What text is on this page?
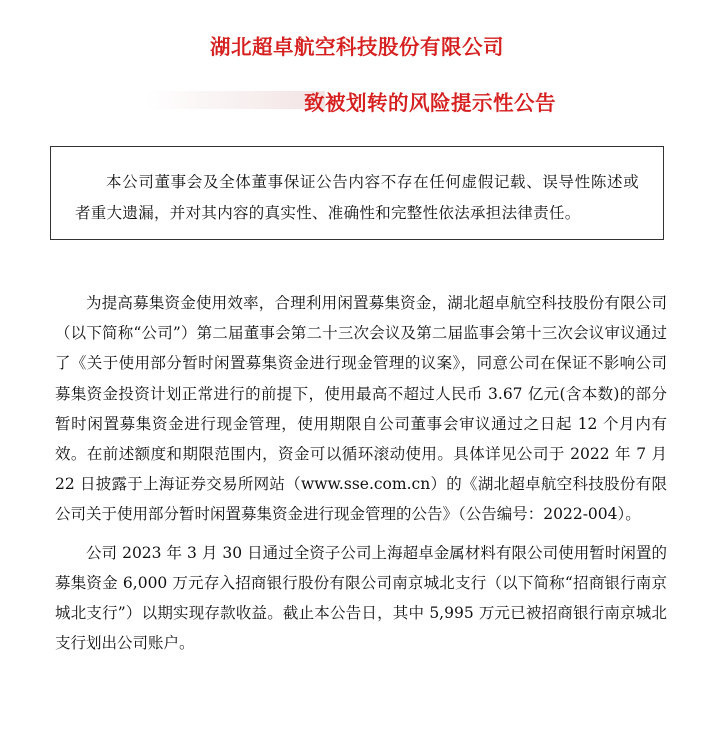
湖北超卓航空科技股份有限公司
致被划转的风险提示性公告
本公司董事会及全体董事保证公告内容不存在任何虚假记载、误导性陈述或者重大遗漏，并对其内容的真实性、准确性和完整性依法承担法律责任。

为提高募集资金使用效率，合理利用闲置募集资金，湖北超卓航空科技股份有限公司（以下简称“公司”）第二届董事会第二十三次会议及第二届监事会第十三次会议审议通过了《关于使用部分暂时闲置募集资金进行现金管理的议案》，同意公司在保证不影响公司募集资金投资计划正常进行的前提下，使用最高不超过人民币 3.67 亿元(含本数)的部分暂时闲置募集资金进行现金管理，使用期限自公司董事会审议通过之日起 12 个月内有效。在前述额度和期限范围内，资金可以循环滚动使用。具体详见公司于 2022 年 7 月 22 日披露于上海证券交易所网站（www.sse.com.cn）的《湖北超卓航空科技股份有限公司关于使用部分暂时闲置募集资金进行现金管理的公告》（公告编号：2022-004）。

公司 2023 年 3 月 30 日通过全资子公司上海超卓金属材料有限公司使用暂时闲置的募集资金 6,000 万元存入招商银行股份有限公司南京城北支行（以下简称“招商银行南京城北支行”）以期实现存款收益。截止本公告日，其中 5,995 万元已被招商银行南京城北支行划出公司账户。
